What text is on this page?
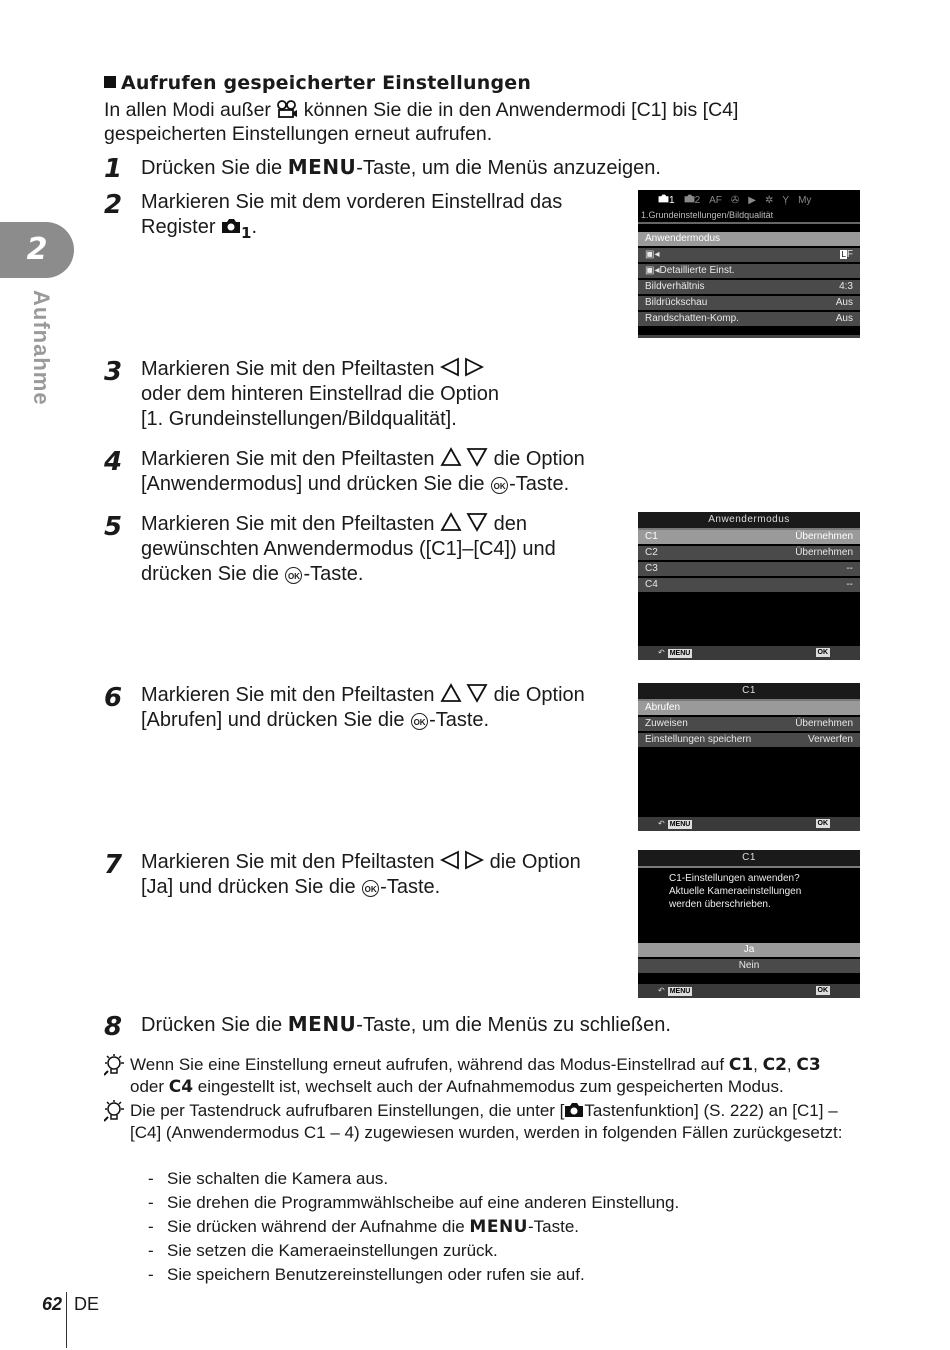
Aufrufen gespeicherter Einstellungen
In allen Modi außer können Sie die in den Anwendermodi [C1] bis [C4] gespeicherten Einstellungen erneut aufrufen.
2
Aufnahme
1 Drücken Sie die MENU-Taste, um die Menüs anzuzeigen.
2 Markieren Sie mit dem vorderen Einstellrad das
Register $_1$.
1	2 AF ✇ ▶ ✲ Ỵ My
1.Grundeinstellungen/Bildqualität
Anwendermodus
▣◂	LF
▣◂Detaillierte Einst.
Bildverhältnis	4:3
Bildrückschau	Aus
Randschatten-Komp.	Aus
3 Markieren Sie mit den Pfeiltasten
oder dem hinteren Einstellrad die Option
[1. Grundeinstellungen/Bildqualität].
4 Markieren Sie mit den Pfeiltasten	die Option
[Anwendermodus] und drücken Sie die OK -Taste.
5 Markieren Sie mit den Pfeiltasten	den
gewünschten Anwendermodus ([C1]–[C4]) und
drücken Sie die OK -Taste.
Anwendermodus
C1	Übernehmen
C2	Übernehmen
C3	--
C4	--
↶ MENU	OK
6 Markieren Sie mit den Pfeiltasten	die Option
[Abrufen] und drücken Sie die OK -Taste.
C1
Abrufen
Zuweisen	Übernehmen
Einstellungen speichern	Verwerfen
↶ MENU	OK
7 Markieren Sie mit den Pfeiltasten	die Option
[Ja] und drücken Sie die OK -Taste.
C1
C1-Einstellungen anwenden?
Aktuelle Kameraeinstellungen
werden überschrieben.
Ja
Nein
↶ MENU	OK
8 Drücken Sie die MENU-Taste, um die Menüs zu schließen.
Wenn Sie eine Einstellung erneut aufrufen, während das Modus-Einstellrad auf C1, C2, C3
oder C4 eingestellt ist, wechselt auch der Aufnahmemodus zum gespeicherten Modus.
Die per Tastendruck aufrufbaren Einstellungen, die unter [ Tastenfunktion] (S. 222) an [C1] – [C4] (Anwendermodus C1 – 4) zugewiesen wurden, werden in folgenden Fällen zurückgesetzt:
- Sie schalten die Kamera aus.
- Sie drehen die Programmwählscheibe auf eine anderen Einstellung.
- Sie drücken während der Aufnahme die MENU-Taste.
- Sie setzen die Kameraeinstellungen zurück.
- Sie speichern Benutzereinstellungen oder rufen sie auf.
62 DE
